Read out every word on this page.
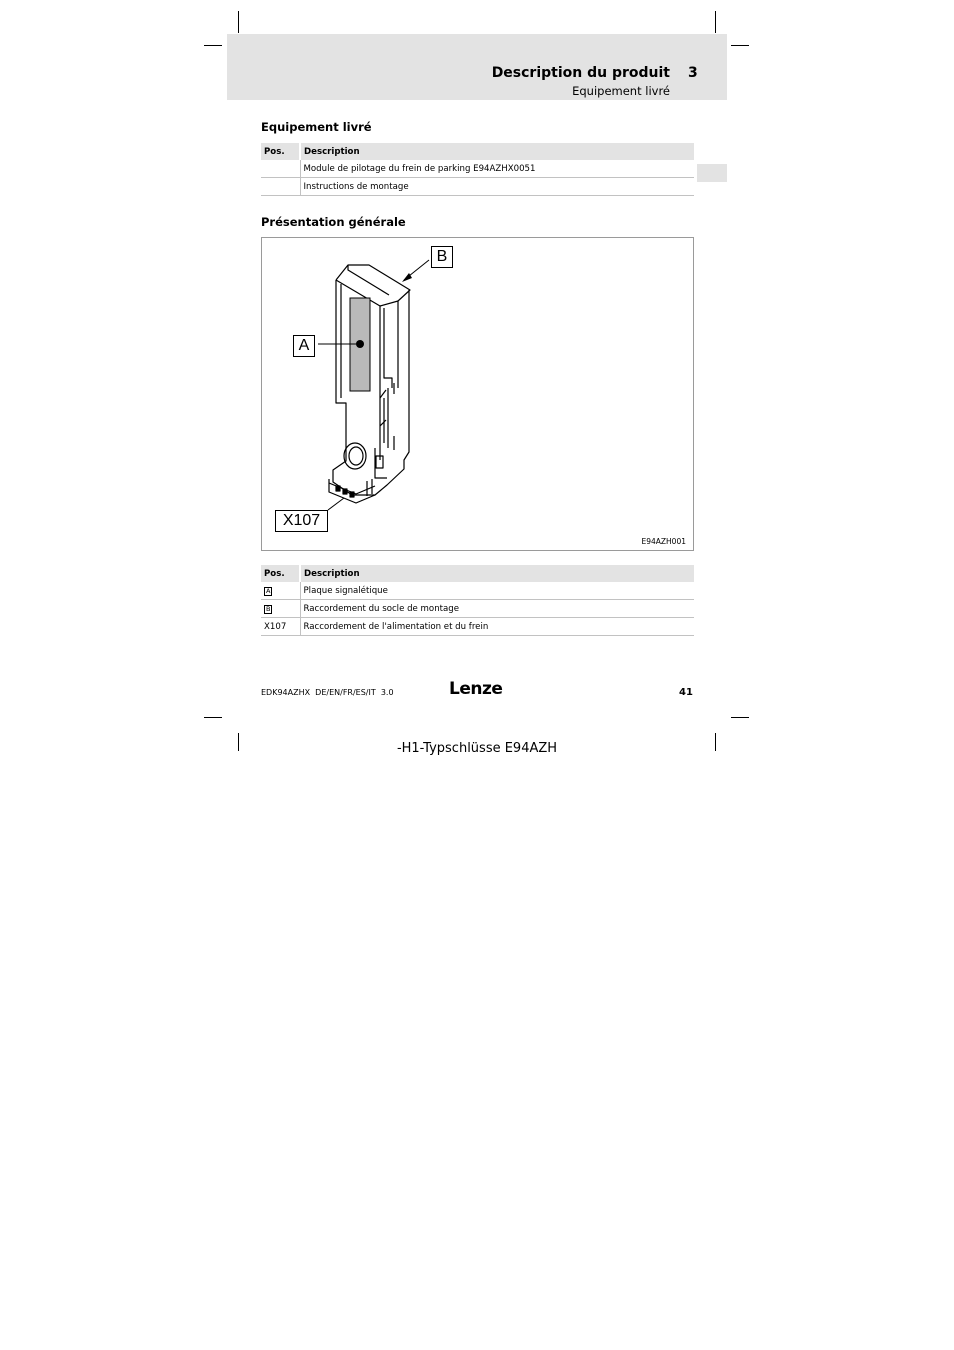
Description du produit 3
Equipement livré
Equipement livré
Pos.	Description
	Module de pilotage du frein de parking E94AZHX0051
	Instructions de montage
Présentation générale
B
A
X107
E94AZH001
Pos.	Description
A	Plaque signalétique
B	Raccordement du socle de montage
X107	Raccordement de l'alimentation et du frein
EDK94AZHX  DE/EN/FR/ES/IT  3.0	Lenze	41
-H1-Typschlüsse E94AZH
